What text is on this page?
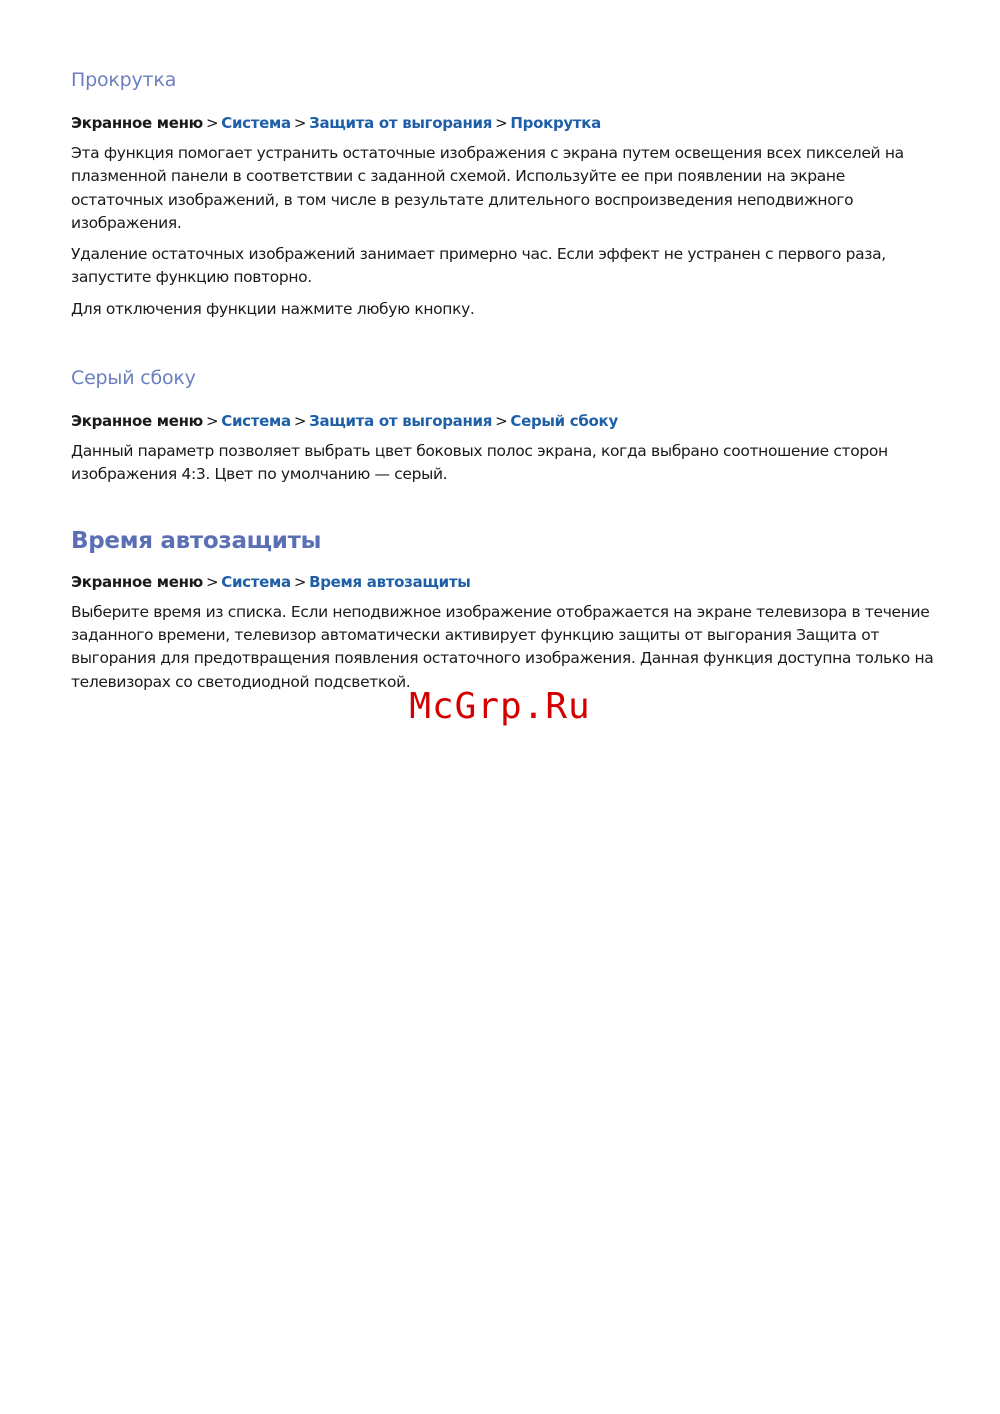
Прокрутка
Экранное меню > Система > Защита от выгорания > Прокрутка

Эта функция помогает устранить остаточные изображения с экрана путем освещения всех пикселей на плазменной панели в соответствии с заданной схемой. Используйте ее при появлении на экране остаточных изображений, в том числе в результате длительного воспроизведения неподвижного изображения.

Удаление остаточных изображений занимает примерно час. Если эффект не устранен с первого раза, запустите функцию повторно.

Для отключения функции нажмите любую кнопку.

Серый сбоку
Экранное меню > Система > Защита от выгорания > Серый сбоку

Данный параметр позволяет выбрать цвет боковых полос экрана, когда выбрано соотношение сторон изображения 4:3. Цвет по умолчанию — серый.

Время автозащиты
Экранное меню > Система > Время автозащиты

Выберите время из списка. Если неподвижное изображение отображается на экране телевизора в течение заданного времени, телевизор автоматически активирует функцию защиты от выгорания Защита от выгорания для предотвращения появления остаточного изображения. Данная функция доступна только на телевизорах со светодиодной подсветкой.

McGrp.Ru
